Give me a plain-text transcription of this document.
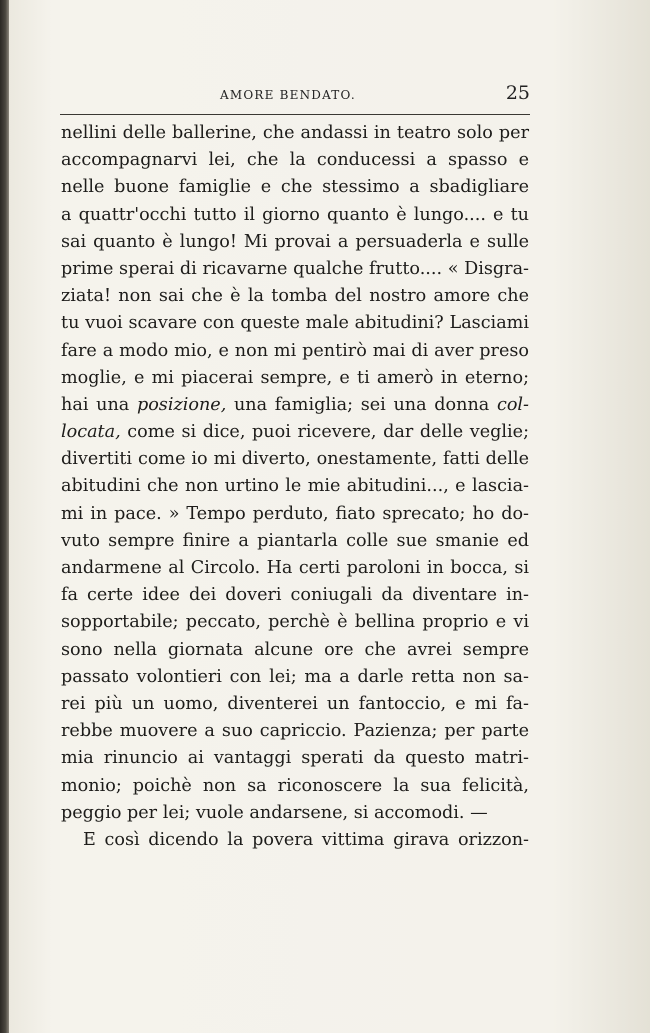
AMORE BENDATO.	25
nellini delle ballerine, che andassi in teatro solo per
accompagnarvi lei, che la conducessi a spasso e
nelle buone famiglie e che stessimo a sbadigliare
a quattr'occhi tutto il giorno quanto è lungo.... e tu
sai quanto è lungo! Mi provai a persuaderla e sulle
prime sperai di ricavarne qualche frutto.... « Disgra-
ziata! non sai che è la tomba del nostro amore che
tu vuoi scavare con queste male abitudini? Lasciami
fare a modo mio, e non mi pentirò mai di aver preso
moglie, e mi piacerai sempre, e ti amerò in eterno;
hai una posizione, una famiglia; sei una donna col-
locata, come si dice, puoi ricevere, dar delle veglie;
divertiti come io mi diverto, onestamente, fatti delle
abitudini che non urtino le mie abitudini..., e lascia-
mi in pace. » Tempo perduto, fiato sprecato; ho do-
vuto sempre finire a piantarla colle sue smanie ed
andarmene al Circolo. Ha certi paroloni in bocca, si
fa certe idee dei doveri coniugali da diventare in-
sopportabile; peccato, perchè è bellina proprio e vi
sono nella giornata alcune ore che avrei sempre
passato volontieri con lei; ma a darle retta non sa-
rei più un uomo, diventerei un fantoccio, e mi fa-
rebbe muovere a suo capriccio. Pazienza; per parte
mia rinuncio ai vantaggi sperati da questo matri-
monio; poichè non sa riconoscere la sua felicità,
peggio per lei; vuole andarsene, si accomodi. —
E così dicendo la povera vittima girava orizzon-
